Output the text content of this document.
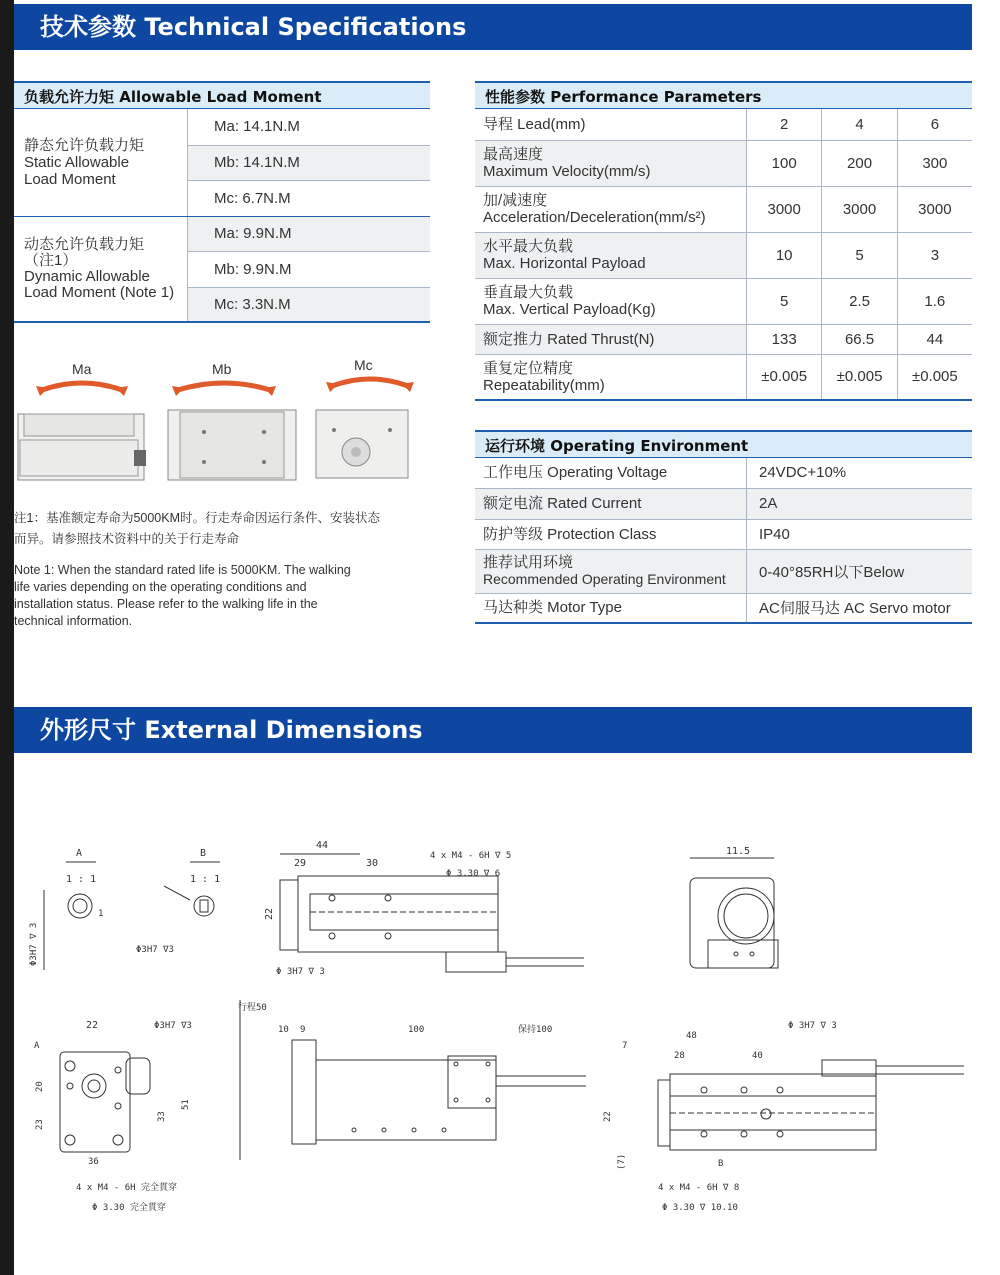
技术参数 Technical Specifications
负载允许力矩 Allowable Load Moment
静态允许负载力矩
Static Allowable
Load Moment	Ma: 14.1N.M
	Mb: 14.1N.M
	Mc: 6.7N.M

动态允许负载力矩
（注1）
Dynamic Allowable
Load Moment (Note 1)	Ma: 9.9N.M
	Mb: 9.9N.M
	Mc: 3.3N.M
Ma	Mb	Mc
注1：基准额定寿命为5000KM时。行走寿命因运行条件、安装状态
而异。请参照技术资料中的关于行走寿命
Note 1: When the standard rated life is 5000KM. The walking
life varies depending on the operating conditions and
installation status. Please refer to the walking life in the
technical information.
性能参数 Performance Parameters
导程 Lead(mm)	2	4	6

最高速度
Maximum Velocity(mm/s)	100	200	300

加/减速度
Acceleration/Deceleration(mm/s²)	3000	3000	3000

水平最大负载
Max. Horizontal Payload	10	5	3

垂直最大负载
Max. Vertical Payload(Kg)	5	2.5	1.6

额定推力 Rated Thrust(N)	133	66.5	44

重复定位精度
Repeatability(mm)	±0.005	±0.005	±0.005
运行环境 Operating Environment
工作电压 Operating Voltage	24VDC+10%

额定电流 Rated Current	2A

防护等级 Protection Class	IP40

推荐试用环境
Recommended Operating Environment	0-40°85RH以下Below

马达种类 Motor Type	AC伺服马达 AC Servo motor
外形尺寸 External Dimensions
A
1 : 1
Φ3H7 ∇ 3
1
B
1 : 1
Φ3H7 ∇3
44
29	30
4 x M4 - 6H ∇ 5
Φ 3.30 ∇ 6
22
Φ 3H7 ∇ 3
11.5
22	Φ3H7 ∇3
A
20
23
33
51
36
4 x M4 - 6H 完全貫穿
Φ 3.30 完全貫穿
行程50
10 9	100	保持100
48
28	40
Φ 3H7 ∇ 3
7
22
(7)	B
4 x M4 - 6H ∇ 8
Φ 3.30 ∇ 10.10
